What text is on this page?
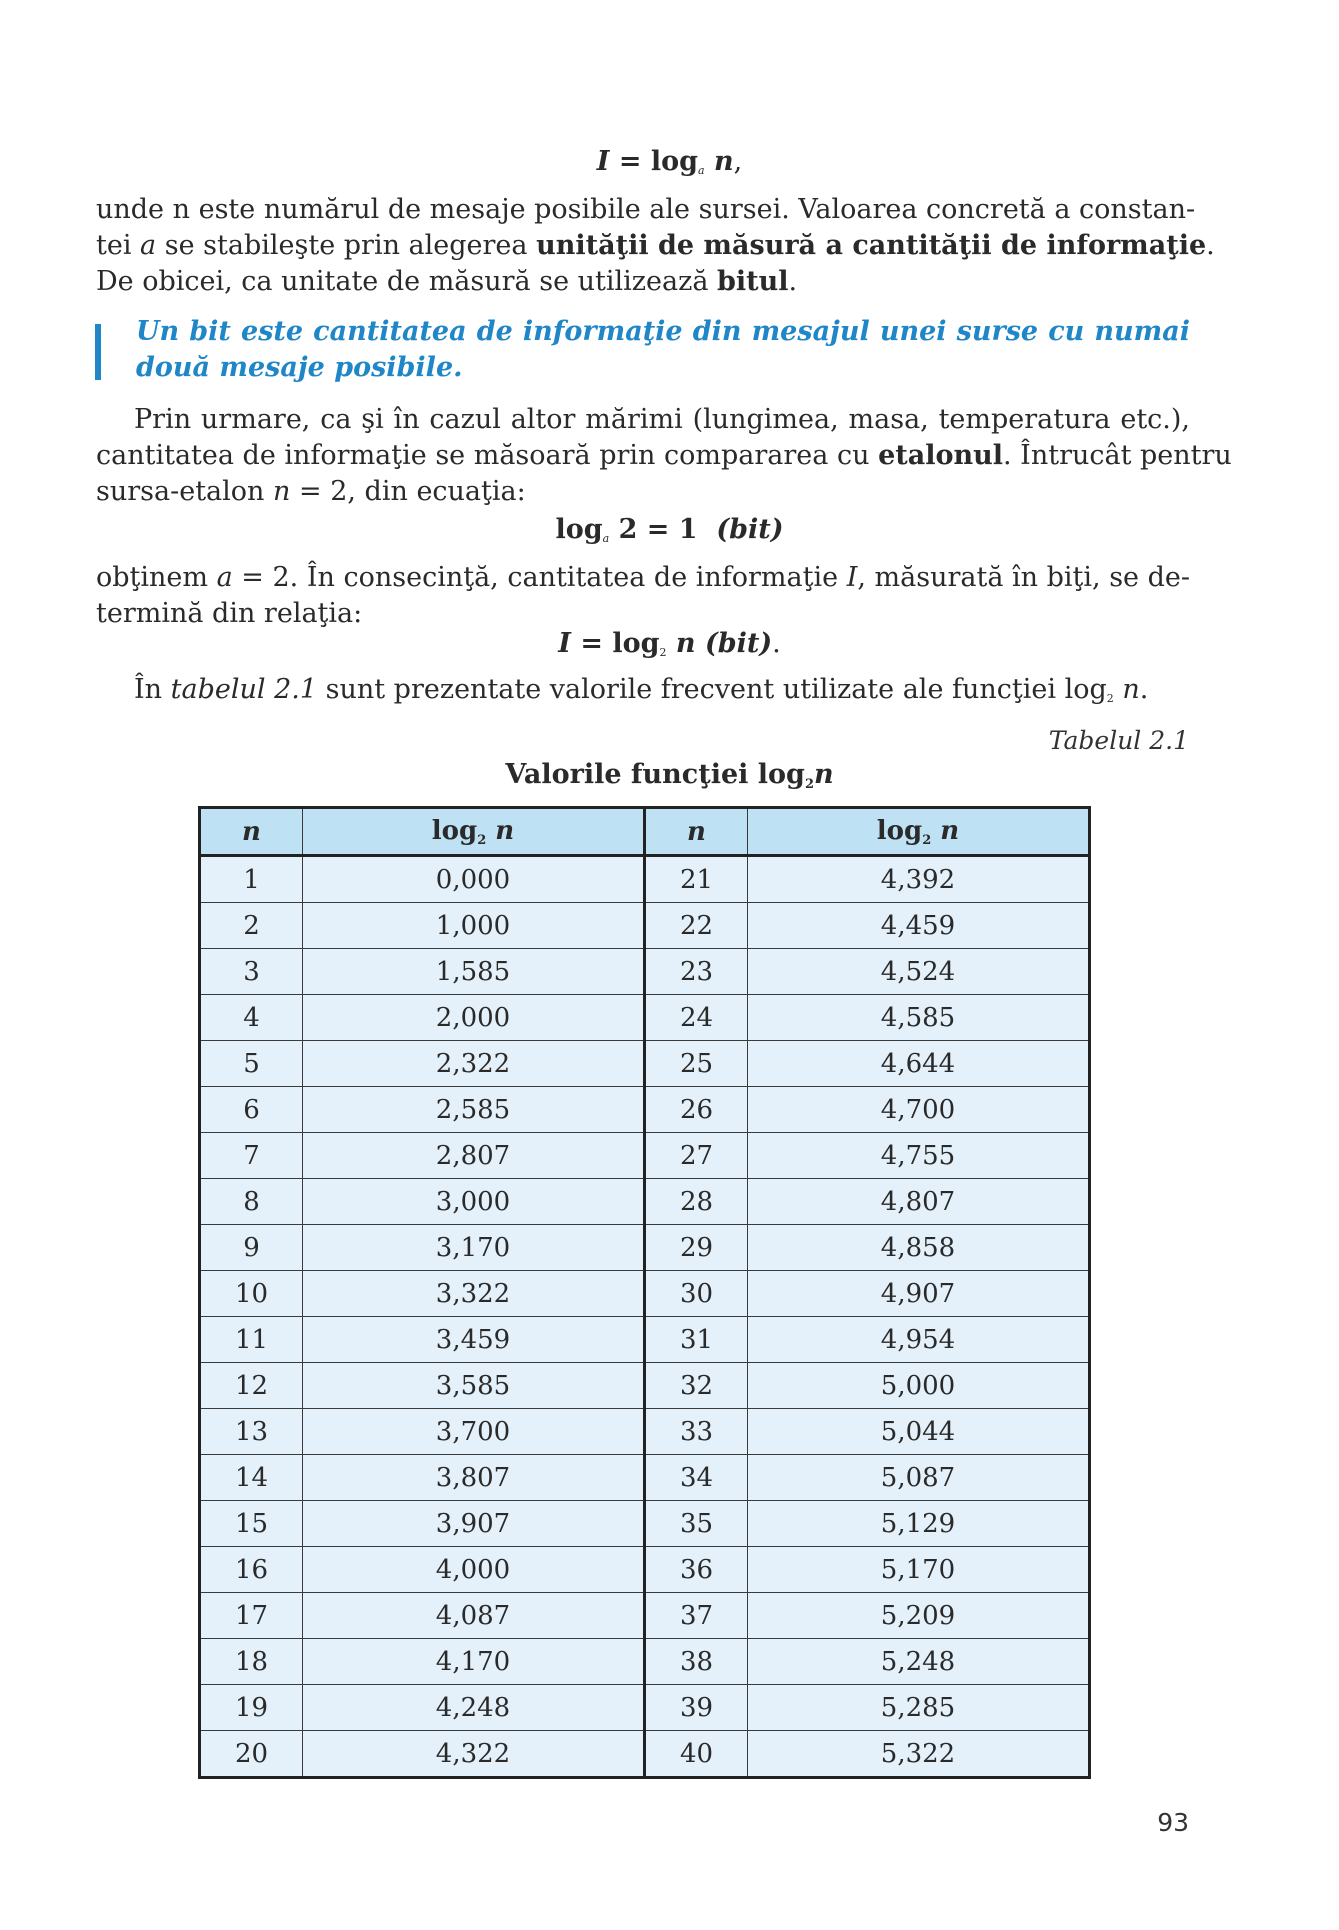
$I = \log_a n$,
unde n este numărul de mesaje posibile ale sursei. Valoarea concretă a constan-
tei a se stabileşte prin alegerea unităţii de măsură a cantităţii de informaţie.
De obicei, ca unitate de măsură se utilizează bitul.
Un bit este cantitatea de informaţie din mesajul unei surse cu numai
două mesaje posibile.
Prin urmare, ca şi în cazul altor mărimi (lungimea, masa, temperatura etc.),
cantitatea de informaţie se măsoară prin compararea cu etalonul. Întrucât pentru
sursa-etalon n = 2, din ecuaţia:
$\log_a 2 = 1$  (bit)
obţinem a = 2. În consecinţă, cantitatea de informaţie I, măsurată în biţi, se de-
termină din relaţia:
$I = \log_2 n$ (bit).
În tabelul 2.1 sunt prezentate valorile frecvent utilizate ale funcţiei $\log_2 n$.
Tabelul 2.1
Valorile funcţiei log2n
n	log2 n	n	log2 n
1	0,000	21	4,392
2	1,000	22	4,459
3	1,585	23	4,524
4	2,000	24	4,585
5	2,322	25	4,644
6	2,585	26	4,700
7	2,807	27	4,755
8	3,000	28	4,807
9	3,170	29	4,858
10	3,322	30	4,907
11	3,459	31	4,954
12	3,585	32	5,000
13	3,700	33	5,044
14	3,807	34	5,087
15	3,907	35	5,129
16	4,000	36	5,170
17	4,087	37	5,209
18	4,170	38	5,248
19	4,248	39	5,285
20	4,322	40	5,322
93
